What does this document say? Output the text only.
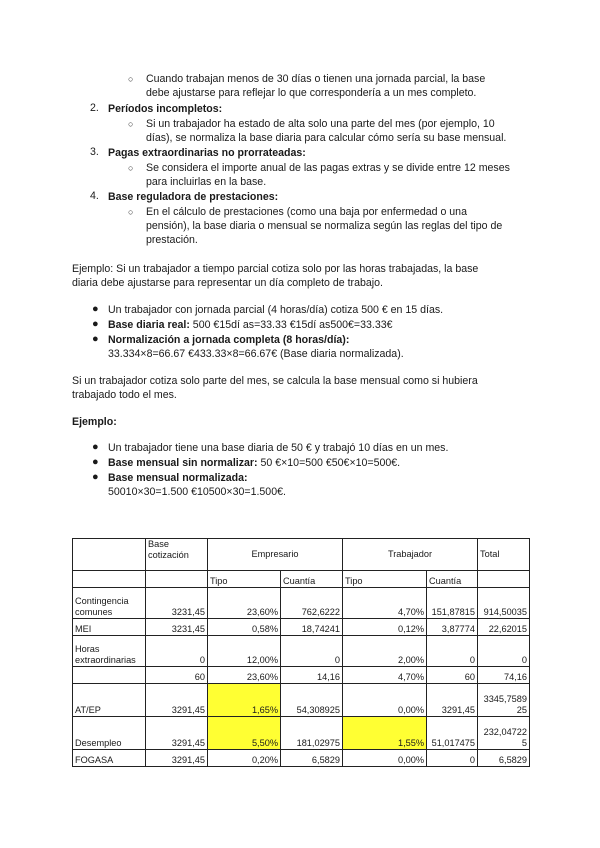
○ Cuando trabajan menos de 30 días o tienen una jornada parcial, la base

debe ajustarse para reflejar lo que correspondería a un mes completo.

2. Períodos incompletos:
○ Si un trabajador ha estado de alta solo una parte del mes (por ejemplo, 10

días), se normaliza la base diaria para calcular cómo sería su base mensual.

3. Pagas extraordinarias no prorrateadas:
○ Se considera el importe anual de las pagas extras y se divide entre 12 meses

para incluirlas en la base.

4. Base reguladora de prestaciones:
○ En el cálculo de prestaciones (como una baja por enfermedad o una

pensión), la base diaria o mensual se normaliza según las reglas del tipo de

prestación.

Ejemplo: Si un trabajador a tiempo parcial cotiza solo por las horas trabajadas, la base

diaria debe ajustarse para representar un día completo de trabajo.

● Un trabajador con jornada parcial (4 horas/día) cotiza 500 € en 15 días.

● Base diaria real: 500 €15dí as=33.33 €15dí as500€=33.33€

● Normalización a jornada completa (8 horas/día):

33.334×8=66.67 €433.33×8=66.67€ (Base diaria normalizada).

Si un trabajador cotiza solo parte del mes, se calcula la base mensual como si hubiera

trabajado todo el mes.

Ejemplo:

● Un trabajador tiene una base diaria de 50 € y trabajó 10 días en un mes.

● Base mensual sin normalizar: 50 €×10=500 €50€×10=500€.

● Base mensual normalizada:

50010×30=1.500 €10500×30=1.500€.

	Base cotización	Empresario		Trabajador		Total
		Tipo	Cuantía	Tipo	Cuantía	
Contingencia comunes	3231,45	23,60%	762,6222	4,70%	151,87815	914,50035
MEI	3231,45	0,58%	18,74241	0,12%	3,87774	22,62015
Horas extraordinarias	0	12,00%	0	2,00%	0	0
	60	23,60%	14,16	4,70%	60	74,16
AT/EP	3291,45	1,65%	54,308925	0,00%	3291,45	3345,758925
Desempleo	3291,45	5,50%	181,02975	1,55%	51,017475	232,047225
FOGASA	3291,45	0,20%	6,5829	0,00%	0	6,5829
